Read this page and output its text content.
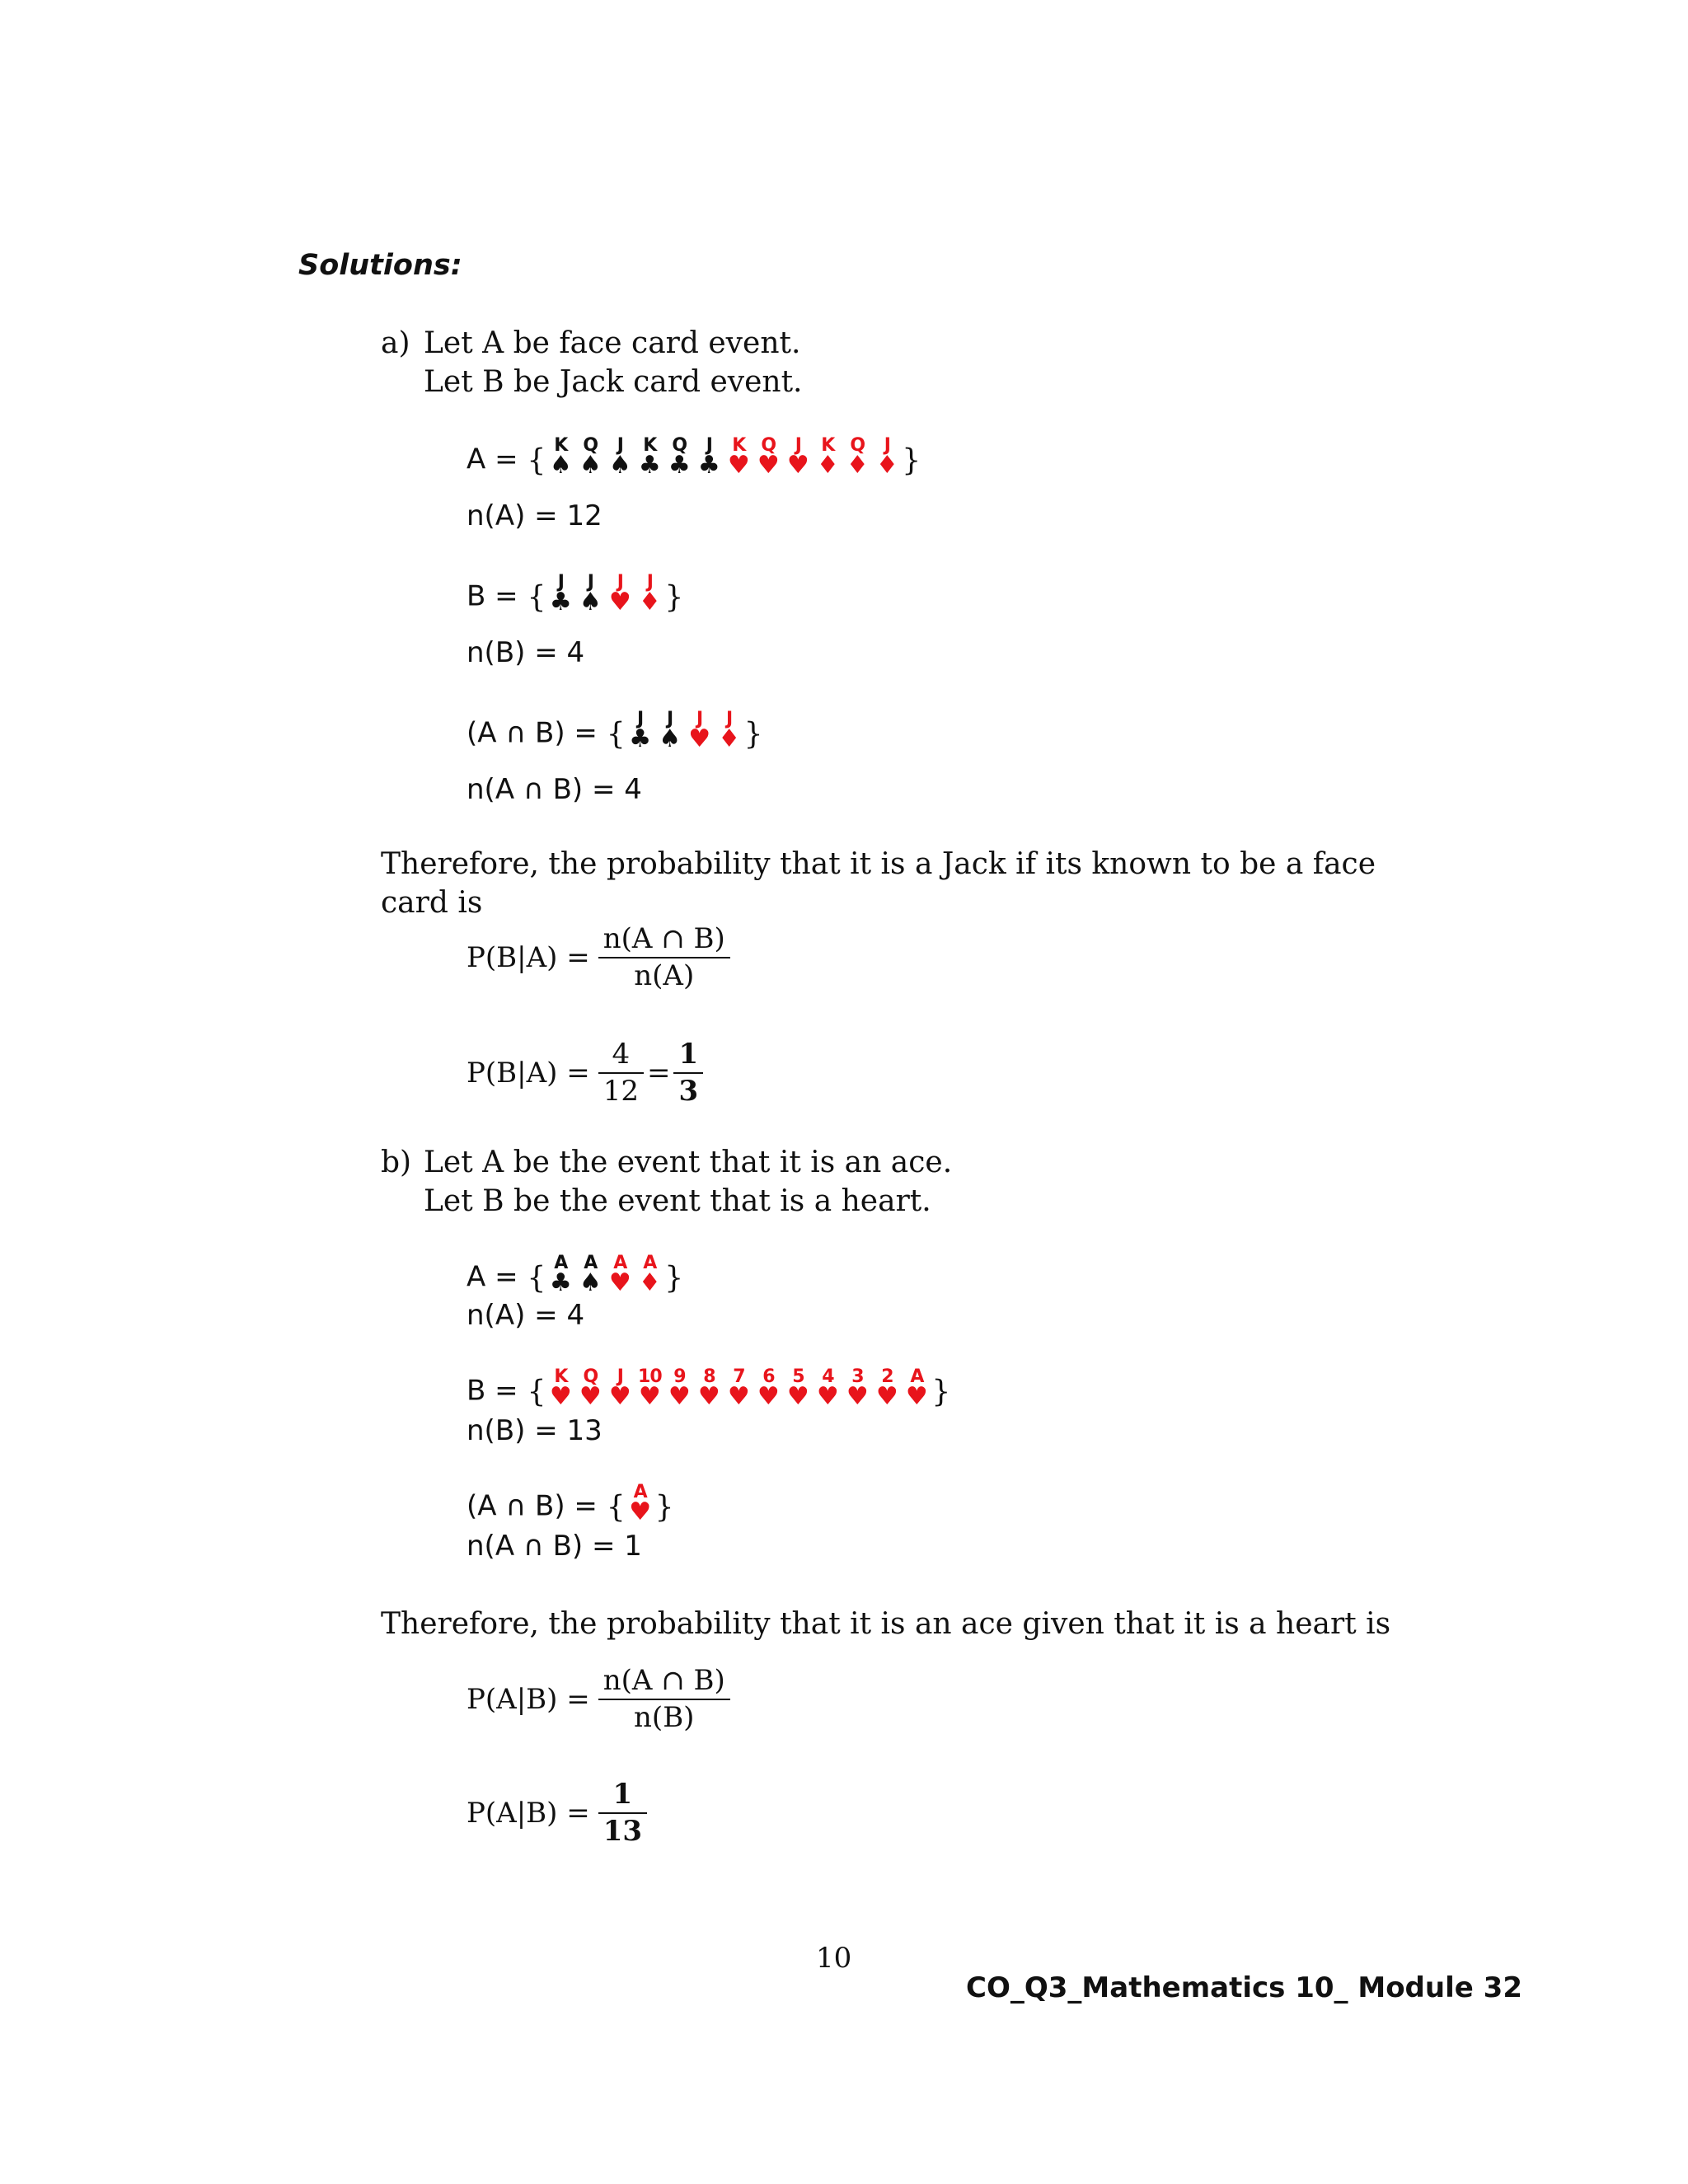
Solutions:
a) Let A be face card event.
Let B be Jack card event.
A = { K
♠
Q
♠
J
♠
K
♣
Q
♣
J
♣
K
♥
Q
♥
J
♥
K
♦
Q
♦
J
♦ }
n(A) = 12
B = { J
♣
J
♠
J
♥
J
♦ }
n(B) = 4
(A ∩ B) = { J
♣
J
♠
J
♥
J
♦ }
n(A ∩ B) = 4
Therefore, the probability that it is a Jack if its known to be a face
card is
$P(B|A) = \frac{n(A \cap B)}{n(A)}$
$P(B|A) = \frac{4}{12} = \frac{1}{3}$
b) Let A be the event that it is an ace.
Let B be the event that is a heart.
A = { A
♣
A
♠
A
♥
A
♦ }
n(A) = 4
B = { K
♥
Q
♥
J
♥
10
♥
9
♥
8
♥
7
♥
6
♥
5
♥
4
♥
3
♥
2
♥
A
♥ }
n(B) = 13
(A ∩ B) = { A
♥ }
n(A ∩ B) = 1
Therefore, the probability that it is an ace given that it is a heart is
$P(A|B) = \frac{n(A \cap B)}{n(B)}$
$P(A|B) = \frac{1}{13}$
10
CO_Q3_Mathematics 10_ Module 32
